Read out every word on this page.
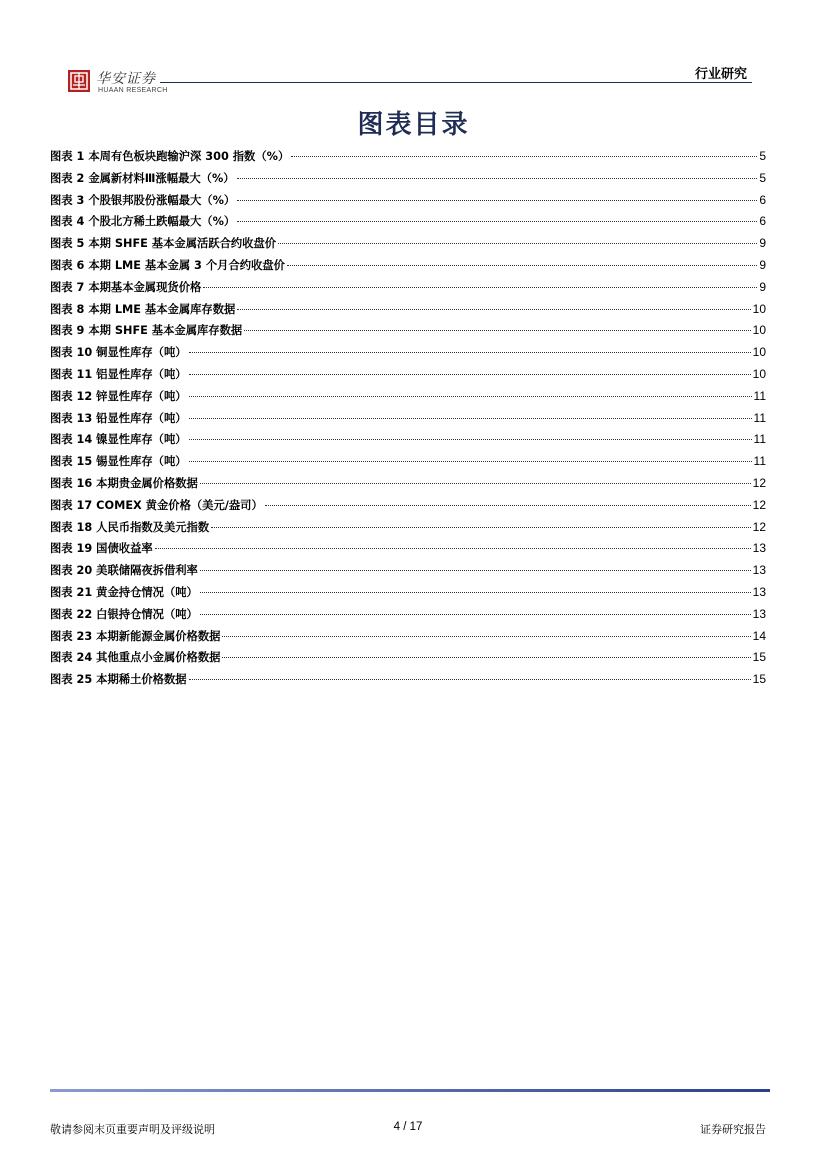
华安证券
HUAAN RESEARCH
行业研究
图表目录
图表 1 本周有色板块跑输沪深 300 指数（%）	5
图表 2 金属新材料Ⅲ涨幅最大（%）	5
图表 3 个股银邦股份涨幅最大（%）	6
图表 4 个股北方稀土跌幅最大（%）	6
图表 5 本期 SHFE 基本金属活跃合约收盘价	9
图表 6 本期 LME 基本金属 3 个月合约收盘价	9
图表 7 本期基本金属现货价格	9
图表 8 本期 LME 基本金属库存数据	10
图表 9 本期 SHFE 基本金属库存数据	10
图表 10 铜显性库存（吨）	10
图表 11 铝显性库存（吨）	10
图表 12 锌显性库存（吨）	11
图表 13 铅显性库存（吨）	11
图表 14 镍显性库存（吨）	11
图表 15 锡显性库存（吨）	11
图表 16 本期贵金属价格数据	12
图表 17 COMEX 黄金价格（美元/盎司）	12
图表 18 人民币指数及美元指数	12
图表 19 国债收益率	13
图表 20 美联储隔夜拆借利率	13
图表 21 黄金持仓情况（吨）	13
图表 22 白银持仓情况（吨）	13
图表 23 本期新能源金属价格数据	14
图表 24 其他重点小金属价格数据	15
图表 25 本期稀土价格数据	15
敬请参阅末页重要声明及评级说明	4 / 17	证券研究报告
